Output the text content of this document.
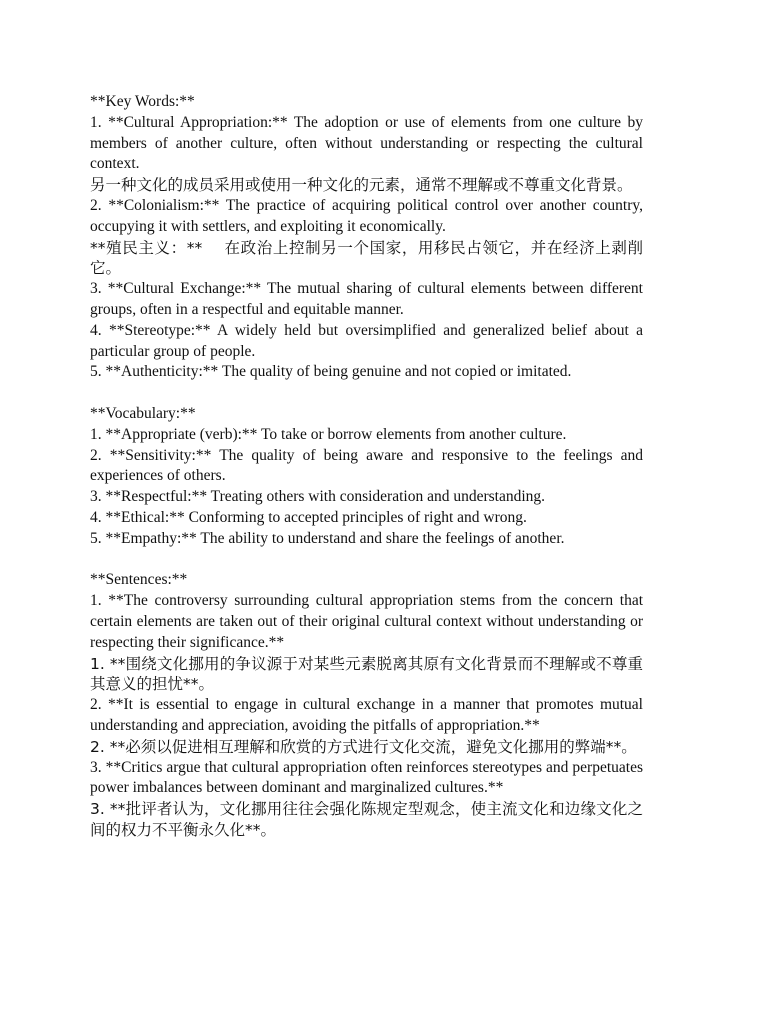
**Key Words:**

1. **Cultural Appropriation:** The adoption or use of elements from one culture by members of another culture, often without understanding or respecting the cultural context.

另一种文化的成员采用或使用一种文化的元素，通常不理解或不尊重文化背景。

2. **Colonialism:** The practice of acquiring political control over another country, occupying it with settlers, and exploiting it economically.

**殖民主义：**　 在政治上控制另一个国家，用移民占领它，并在经济上剥削它。

3. **Cultural Exchange:** The mutual sharing of cultural elements between different groups, often in a respectful and equitable manner.

4. **Stereotype:** A widely held but oversimplified and generalized belief about a particular group of people.

5. **Authenticity:** The quality of being genuine and not copied or imitated.

**Vocabulary:**

1. **Appropriate (verb):** To take or borrow elements from another culture.

2. **Sensitivity:** The quality of being aware and responsive to the feelings and experiences of others.

3. **Respectful:** Treating others with consideration and understanding.

4. **Ethical:** Conforming to accepted principles of right and wrong.

5. **Empathy:** The ability to understand and share the feelings of another.

**Sentences:**

1. **The controversy surrounding cultural appropriation stems from the concern that certain elements are taken out of their original cultural context without understanding or respecting their significance.**

1. **围绕文化挪用的争议源于对某些元素脱离其原有文化背景而不理解或不尊重其意义的担忧**。

2. **It is essential to engage in cultural exchange in a manner that promotes mutual understanding and appreciation, avoiding the pitfalls of appropriation.**

2. **必须以促进相互理解和欣赏的方式进行文化交流，避免文化挪用的弊端**。

3. **Critics argue that cultural appropriation often reinforces stereotypes and perpetuates power imbalances between dominant and marginalized cultures.**

3. **批评者认为，文化挪用往往会强化陈规定型观念，使主流文化和边缘文化之间的权力不平衡永久化**。
